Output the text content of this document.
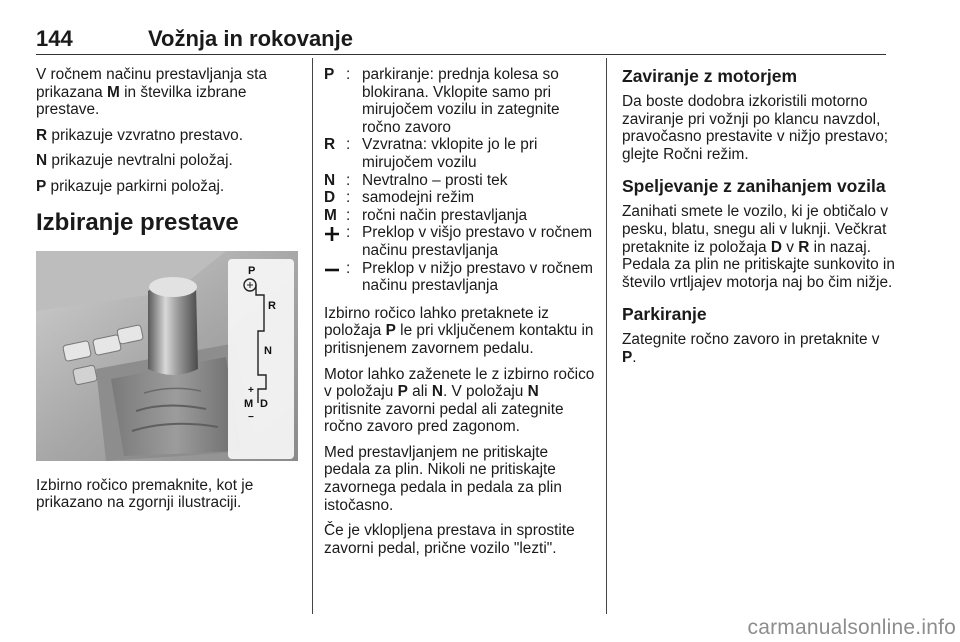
144	Vožnja in rokovanje

V ročnem načinu prestavljanja sta prikazana M in številka izbrane prestave.

R prikazuje vzvratno prestavo.

N prikazuje nevtralni položaj.

P prikazuje parkirni položaj.

Izbiranje prestave
P
R
N
+
M D
−

Izbirno ročico premaknite, kot je prikazano na zgornji ilustraciji.

P	:	parkiranje: prednja kolesa so blokirana. Vklopite samo pri mirujočem vozilu in zategnite ročno zavoro
R	:	Vzvratna: vklopite jo le pri mirujočem vozilu
N	:	Nevtralno – prosti tek
D	:	samodejni režim
M	:	ročni način prestavljanja
	:	Preklop v višjo prestavo v ročnem načinu prestavljanja
	:	Preklop v nižjo prestavo v ročnem načinu prestavljanja

Izbirno ročico lahko pretaknete iz položaja P le pri vključenem kontaktu in pritisnjenem zavornem pedalu.

Motor lahko zaženete le z izbirno ročico v položaju P ali N. V položaju N pritisnite zavorni pedal ali zategnite ročno zavoro pred zagonom.

Med prestavljanjem ne pritiskajte pedala za plin. Nikoli ne pritiskajte zavornega pedala in pedala za plin istočasno.

Če je vklopljena prestava in sprostite zavorni pedal, prične vozilo "lezti".

Zaviranje z motorjem

Da boste dodobra izkoristili motorno zaviranje pri vožnji po klancu navzdol, pravočasno prestavite v nižjo prestavo; glejte Ročni režim.

Speljevanje z zanihanjem vozila

Zanihati smete le vozilo, ki je obtičalo v pesku, blatu, snegu ali v luknji. Večkrat pretaknite iz položaja D v R in nazaj. Pedala za plin ne pritiskajte sunkovito in število vrtljajev motorja naj bo čim nižje.

Parkiranje

Zategnite ročno zavoro in pretaknite v P.

carmanualsonline.info
